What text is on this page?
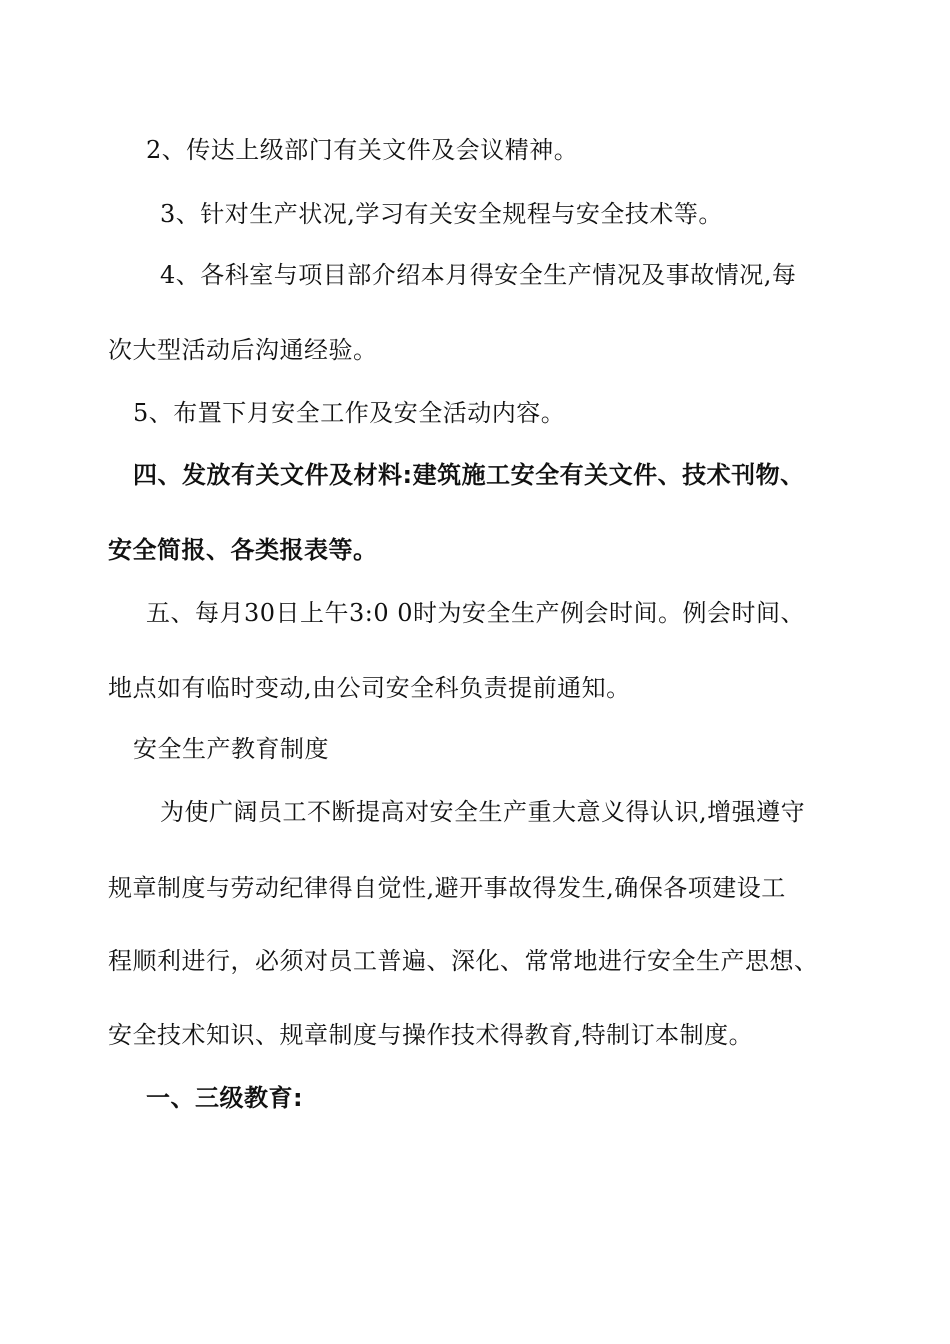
2、传达上级部门有关文件及会议精神。
3、针对生产状况,学习有关安全规程与安全技术等。
4、各科室与项目部介绍本月得安全生产情况及事故情况,每
次大型活动后沟通经验。
5、布置下月安全工作及安全活动内容。
四、发放有关文件及材料:建筑施工安全有关文件、技术刊物、
安全简报、各类报表等。
五、每月30日上午3:0 0时为安全生产例会时间。例会时间、
地点如有临时变动,由公司安全科负责提前通知。
安全生产教育制度
为使广阔员工不断提高对安全生产重大意义得认识,增强遵守
规章制度与劳动纪律得自觉性,避开事故得发生,确保各项建设工
程顺利进行，必须对员工普遍、深化、常常地进行安全生产思想、
安全技术知识、规章制度与操作技术得教育,特制订本制度。
一、三级教育:
